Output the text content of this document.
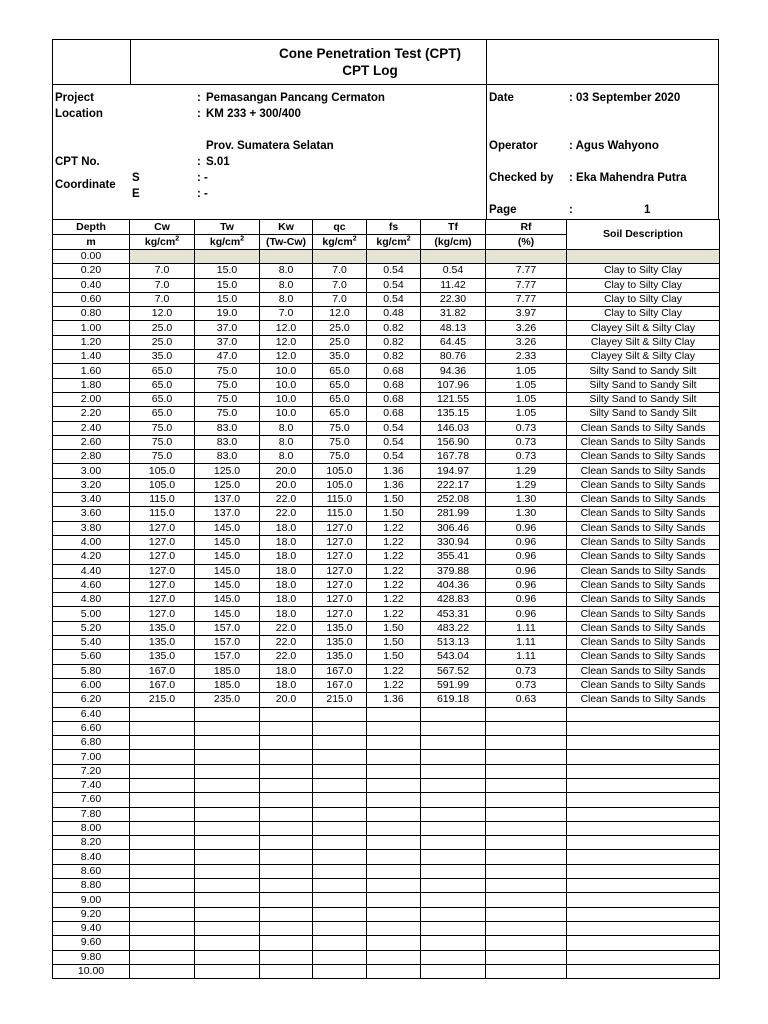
Cone Penetration Test (CPT)
CPT Log
Project	: Pemasangan Pancang Cermaton
Location	: KM 233 + 300/400
Prov. Sumatera Selatan
CPT No.	: S.01
Coordinate
S	: -
E	: -
Date	: 03 September 2020
Operator	: Agus Wahyono
Checked by : Eka Mahendra Putra
Page	:	1
Depth	Cw	Tw	Kw	qc	fs	Tf	Rf	Soil Description
m	$kg/cm^2$	$kg/cm^2$	(Tw-Cw)	$kg/cm^2$	$kg/cm^2$	(kg/cm)	(%)	
0.00								
0.20	7.0	15.0	8.0	7.0	0.54	0.54	7.77	Clay to Silty Clay
0.40	7.0	15.0	8.0	7.0	0.54	11.42	7.77	Clay to Silty Clay
0.60	7.0	15.0	8.0	7.0	0.54	22.30	7.77	Clay to Silty Clay
0.80	12.0	19.0	7.0	12.0	0.48	31.82	3.97	Clay to Silty Clay
1.00	25.0	37.0	12.0	25.0	0.82	48.13	3.26	Clayey Silt & Silty Clay
1.20	25.0	37.0	12.0	25.0	0.82	64.45	3.26	Clayey Silt & Silty Clay
1.40	35.0	47.0	12.0	35.0	0.82	80.76	2.33	Clayey Silt & Silty Clay
1.60	65.0	75.0	10.0	65.0	0.68	94.36	1.05	Silty Sand to Sandy Silt
1.80	65.0	75.0	10.0	65.0	0.68	107.96	1.05	Silty Sand to Sandy Silt
2.00	65.0	75.0	10.0	65.0	0.68	121.55	1.05	Silty Sand to Sandy Silt
2.20	65.0	75.0	10.0	65.0	0.68	135.15	1.05	Silty Sand to Sandy Silt
2.40	75.0	83.0	8.0	75.0	0.54	146.03	0.73	Clean Sands to Silty Sands
2.60	75.0	83.0	8.0	75.0	0.54	156.90	0.73	Clean Sands to Silty Sands
2.80	75.0	83.0	8.0	75.0	0.54	167.78	0.73	Clean Sands to Silty Sands
3.00	105.0	125.0	20.0	105.0	1.36	194.97	1.29	Clean Sands to Silty Sands
3.20	105.0	125.0	20.0	105.0	1.36	222.17	1.29	Clean Sands to Silty Sands
3.40	115.0	137.0	22.0	115.0	1.50	252.08	1.30	Clean Sands to Silty Sands
3.60	115.0	137.0	22.0	115.0	1.50	281.99	1.30	Clean Sands to Silty Sands
3.80	127.0	145.0	18.0	127.0	1.22	306.46	0.96	Clean Sands to Silty Sands
4.00	127.0	145.0	18.0	127.0	1.22	330.94	0.96	Clean Sands to Silty Sands
4.20	127.0	145.0	18.0	127.0	1.22	355.41	0.96	Clean Sands to Silty Sands
4.40	127.0	145.0	18.0	127.0	1.22	379.88	0.96	Clean Sands to Silty Sands
4.60	127.0	145.0	18.0	127.0	1.22	404.36	0.96	Clean Sands to Silty Sands
4.80	127.0	145.0	18.0	127.0	1.22	428.83	0.96	Clean Sands to Silty Sands
5.00	127.0	145.0	18.0	127.0	1.22	453.31	0.96	Clean Sands to Silty Sands
5.20	135.0	157.0	22.0	135.0	1.50	483.22	1.11	Clean Sands to Silty Sands
5.40	135.0	157.0	22.0	135.0	1.50	513.13	1.11	Clean Sands to Silty Sands
5.60	135.0	157.0	22.0	135.0	1.50	543.04	1.11	Clean Sands to Silty Sands
5.80	167.0	185.0	18.0	167.0	1.22	567.52	0.73	Clean Sands to Silty Sands
6.00	167.0	185.0	18.0	167.0	1.22	591.99	0.73	Clean Sands to Silty Sands
6.20	215.0	235.0	20.0	215.0	1.36	619.18	0.63	Clean Sands to Silty Sands
6.40								
6.60								
6.80								
7.00								
7.20								
7.40								
7.60								
7.80								
8.00								
8.20								
8.40								
8.60								
8.80								
9.00								
9.20								
9.40								
9.60								
9.80								
10.00								
